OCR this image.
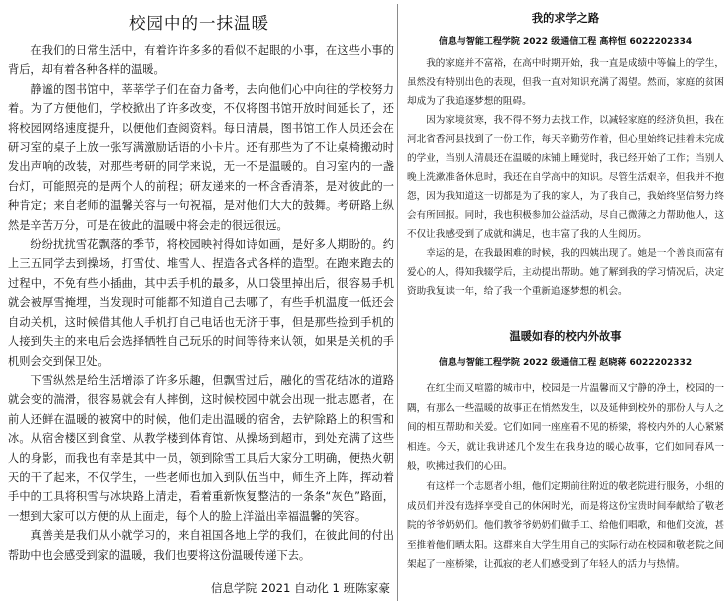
校园中的一抹温暖

在我们的日常生活中，有着许许多多的看似不起眼的小事，在这些小事的背后，却有着各种各样的温暖。

静谧的图书馆中，莘莘学子们在奋力备考，去向他们心中向往的学校努力着。为了方便他们，学校掀出了许多改变，不仅将图书馆开放时间延长了，还将校园网络速度提升，以便他们查阅资料。每日清晨，图书馆工作人员还会在研习室的桌子上放一张写满激励话语的小卡片。还有那些为了不让桌椅搬动时发出声响的改装，对那些考研的同学来说，无一不是温暖的。自习室内的一盏台灯，可能照亮的是两个人的前程；研友递来的一杯含香清茶，是对彼此的一种肯定；来自老师的温馨关容与一句祝福，是对他们大大的鼓舞。考研路上纵然是辛苦万分，可是在彼此的温暖中将会走的很远很远。

纷纷扰扰雪花飘落的季节，将校园映衬得如诗如画，是好多人期盼的。约上三五同学去到操场，打雪仗、堆雪人、捏造各式各样的造型。在跑来跑去的过程中，不免有些小插曲，其中丢手机的最多，从口袋里掉出后，很容易手机就会被厚雪掩埋，当发现时可能都不知道自己去哪了，有些手机温度一低还会自动关机，这时候借其他人手机打自己电话也无济于事，但是那些捡到手机的人接到失主的来电后会选择牺牲自己玩乐的时间等待来认领，如果是关机的手机则会交到保卫处。

下雪纵然是给生活增添了许多乐趣，但飘雪过后，融化的雪花结冰的道路就会变的湍滑，很容易就会有人摔倒，这时候校园中就会出现一批志愿者，在前人还鲜在温暖的被窝中的时候，他们走出温暖的宿舍，去铲除路上的积雪和冰。从宿舍楼区到食堂、从教学楼到体育馆、从操场到超市，到处充满了这些人的身影，而我也有幸是其中一员，领到除雪工具后大家分工明确，便热火朝天的干了起来，不仅学生，一些老师也加入到队伍当中，师生齐上阵，挥动着手中的工具将积雪与冰块路上清走，看着重新恢复整洁的一条条“灰色”路面，一想到大家可以方便的从上面走，每个人的脸上洋溢出幸福温馨的笑容。

真善美是我们从小就学习的，来自祖国各地上学的我们，在彼此间的付出帮助中也会感受到家的温暖，我们也要将这份温暖传递下去。

信息学院 2021 自动化 1 班陈家豪
我的求学之路
信息与智能工程学院 2022 级通信工程 高梓恒 6022202334

我的家庭并不富裕，在高中时期开始，我一直是成绩中等偏上的学生，虽然没有特别出色的表现，但我一直对知识充满了渴望。然而，家庭的贫困却成为了我追逐梦想的阻碍。

因为家境贫寒，我不得不努力去找工作，以减轻家庭的经济负担，我在河北省香河县找到了一份工作，每天辛勤劳作着，但心里始终记挂着未完成的学业，当别人清晨还在温暖的床铺上睡觉时，我已经开始了工作；当别人晚上洗漱准备休息时，我还在自学高中的知识。尽管生活艰辛，但我并不抱怨，因为我知道这一切都是为了我的家人，为了我自己，我始终坚信努力终会有所回报。同时，我也积极参加公益活动，尽自己微薄之力帮助他人，这不仅让我感受到了成就和满足，也丰富了我的人生阅历。

幸运的是，在我最困难的时候，我的四姨出现了。她是一个善良而富有爱心的人，得知我辍学后，主动提出帮助。她了解到我的学习情况后，决定资助我复读一年，给了我一个重新追逐梦想的机会。

温暖如春的校内外故事
信息与智能工程学院 2022 级通信工程 赵晓蒋 6022202332

在红尘而又喧嚣的城市中，校园是一片温馨而又宁静的净土，校园的一隅，有那么一些温暖的故事正在悄然发生，以及延伸到校外的那份人与人之间的相互帮助和关爱。它们如同一座座看不见的桥梁，将校内外的人心紧紧相连。今天，就让我讲述几个发生在我身边的暖心故事，它们如同春风一般，吹拂过我们的心田。

有这样一个志愿者小组，他们定期前往附近的敬老院进行服务，小组的成员们并没有选择享受自己的休闲时光，而是将这份宝贵时间奉献给了敬老院的爷爷奶奶们。他们教爷爷奶奶们做手工、给他们唱歌，和他们交流，甚至推着他们晒太阳。这群来自大学生用自己的实际行动在校园和敬老院之间架起了一座桥梁，让孤寂的老人们感受到了年轻人的活力与热情。
